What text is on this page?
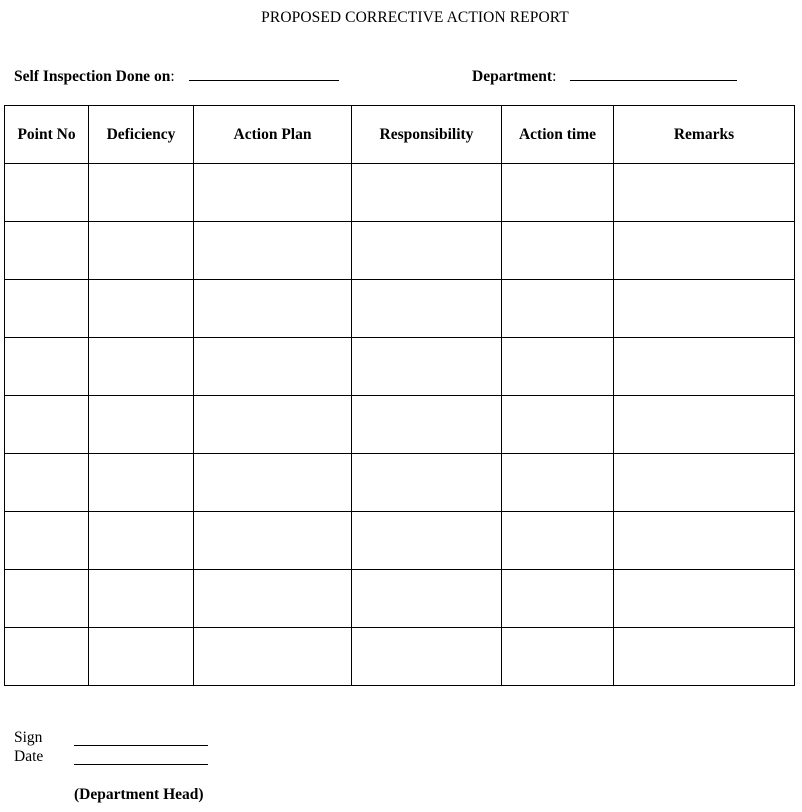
PROPOSED CORRECTIVE ACTION REPORT
Self Inspection Done on:	Department:
Point No	Deficiency	Action Plan	Responsibility	Action time	Remarks

Sign
Date
(Department Head)
